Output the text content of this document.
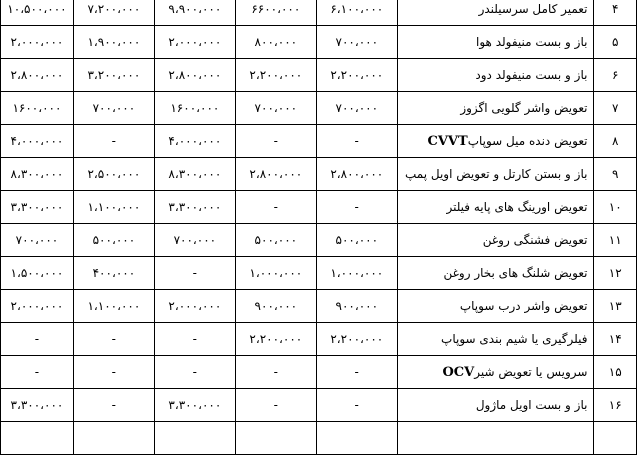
۴	تعمیر کامل سرسیلندر	۶،۱۰۰،۰۰۰	۶۶۰۰،۰۰۰	۹،۹۰۰،۰۰۰	۷،۲۰۰،۰۰۰	۱۰،۵۰۰،۰۰۰
۵	باز و بست منیفولد هوا	۷۰۰،۰۰۰	۸۰۰،۰۰۰	۲،۰۰۰،۰۰۰	۱،۹۰۰،۰۰۰	۲،۰۰۰،۰۰۰
۶	باز و بست منیفولد دود	۲،۲۰۰،۰۰۰	۲،۲۰۰،۰۰۰	۲،۸۰۰،۰۰۰	۳،۲۰۰،۰۰۰	۲،۸۰۰،۰۰۰
۷	تعویض واشر گلویی اگزوز	۷۰۰،۰۰۰	۷۰۰،۰۰۰	۱۶۰۰،۰۰۰	۷۰۰،۰۰۰	۱۶۰۰،۰۰۰
۸	تعویض دنده میل سوپاپCVVT	-	-	۴،۰۰۰،۰۰۰	-	۴،۰۰۰،۰۰۰
۹	باز و بستن کارتل و تعویض اویل پمپ	۲،۸۰۰،۰۰۰	۲،۸۰۰،۰۰۰	۸،۳۰۰،۰۰۰	۲،۵۰۰،۰۰۰	۸،۳۰۰،۰۰۰
۱۰	تعویض اورینگ های پایه فیلتر	-	-	۳،۳۰۰،۰۰۰	۱،۱۰۰،۰۰۰	۳،۳۰۰،۰۰۰
۱۱	تعویض فشنگی روغن	۵۰۰،۰۰۰	۵۰۰،۰۰۰	۷۰۰،۰۰۰	۵۰۰،۰۰۰	۷۰۰،۰۰۰
۱۲	تعویض شلنگ های بخار روغن	۱،۰۰۰،۰۰۰	۱،۰۰۰،۰۰۰	-	۴۰۰،۰۰۰	۱،۵۰۰،۰۰۰
۱۳	تعویض واشر درب سوپاپ	۹۰۰،۰۰۰	۹۰۰،۰۰۰	۲،۰۰۰،۰۰۰	۱،۱۰۰،۰۰۰	۲،۰۰۰،۰۰۰
۱۴	فیلرگیری یا شیم بندی سوپاپ	۲،۲۰۰،۰۰۰	۲،۲۰۰،۰۰۰	-	-	-
۱۵	سرویس یا تعویض شیرOCV	-	-	-	-	-
۱۶	باز و بست اویل ماژول	-	-	۳،۳۰۰،۰۰۰	-	۳،۳۰۰،۰۰۰
